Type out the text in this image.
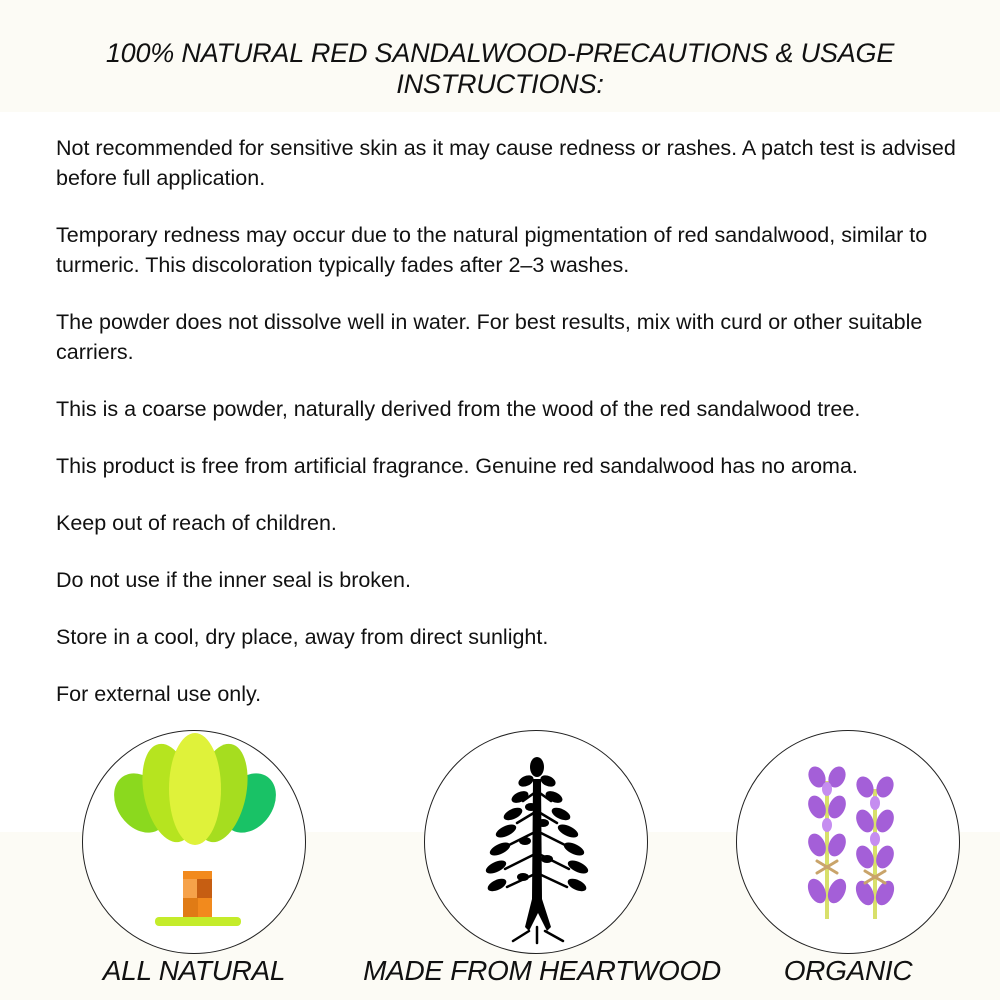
100% NATURAL RED SANDALWOOD-PRECAUTIONS & USAGE INSTRUCTIONS:

Not recommended for sensitive skin as it may cause redness or rashes. A patch test is advised before full application.

Temporary redness may occur due to the natural pigmentation of red sandalwood, similar to turmeric. This discoloration typically fades after 2–3 washes.

The powder does not dissolve well in water. For best results, mix with curd or other suitable carriers.

This is a coarse powder, naturally derived from the wood of the red sandalwood tree.

This product is free from artificial fragrance. Genuine red sandalwood has no aroma.

Keep out of reach of children.

Do not use if the inner seal is broken.

Store in a cool, dry place, away from direct sunlight.

For external use only.

ALL NATURAL	MADE FROM HEARTWOOD	ORGANIC
